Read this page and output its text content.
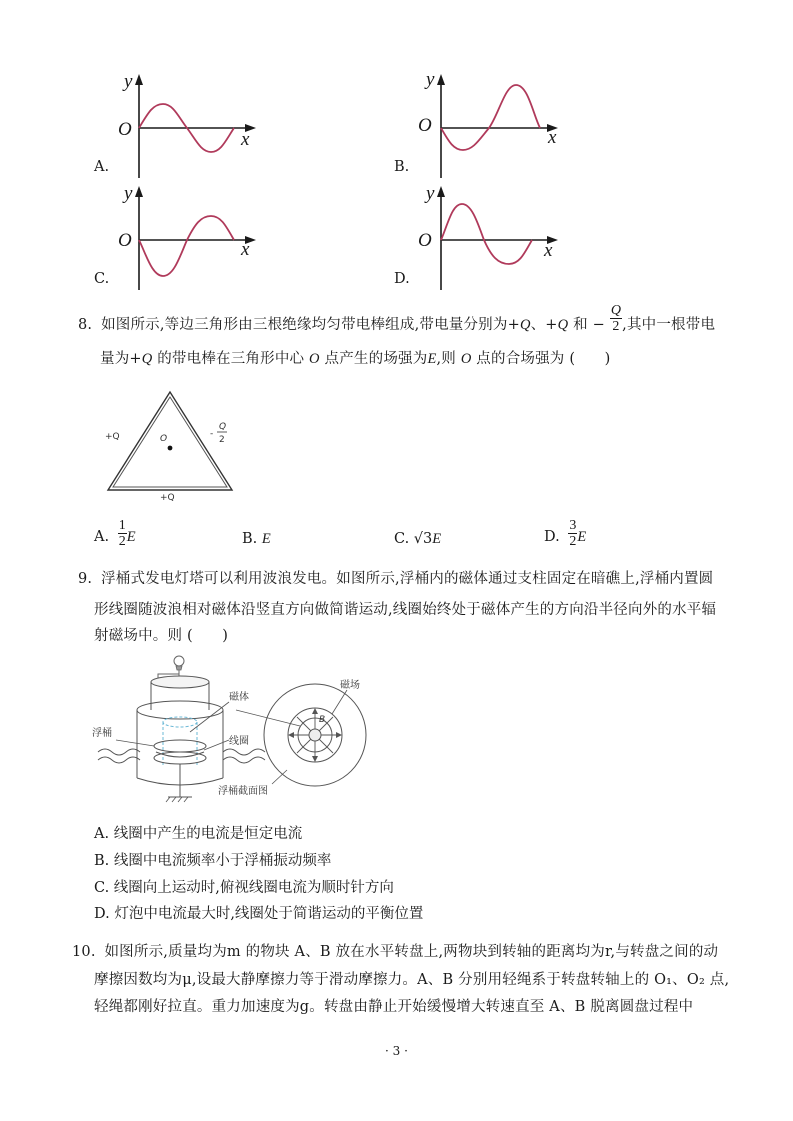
y
x
O
A.
y
x
O
B.
y
x
O
C.
y
x
O
D.
8. 如图所示,等边三角形由三根绝缘均匀带电棒组成,带电量分别为+Q、+Q 和 − $\frac{Q}{2}$ ,其中一根带电
量为+Q 的带电棒在三角形中心 O 点产生的场强为E,则 O 点的合场强为 (　　)
O
+Q
+Q
-
Q
2
A. $\frac{1}{2}$ E	B. E	C. √3E	D. $\frac{3}{2}$ E
9. 浮桶式发电灯塔可以利用波浪发电。如图所示,浮桶内的磁体通过支柱固定在暗礁上,浮桶内置圆
形线圈随波浪相对磁体沿竖直方向做简谐运动,线圈始终处于磁体产生的方向沿半径向外的水平辐
射磁场中。则 (　　)
浮桶
磁体
线圈
B
磁场
浮桶截面图
A. 线圈中产生的电流是恒定电流
B. 线圈中电流频率小于浮桶振动频率
C. 线圈向上运动时,俯视线圈电流为顺时针方向
D. 灯泡中电流最大时,线圈处于简谐运动的平衡位置
10. 如图所示,质量均为m 的物块 A、B 放在水平转盘上,两物块到转轴的距离均为r,与转盘之间的动
摩擦因数均为μ,设最大静摩擦力等于滑动摩擦力。A、B 分别用轻绳系于转盘转轴上的 O₁、O₂ 点,
轻绳都刚好拉直。重力加速度为g。转盘由静止开始缓慢增大转速直至 A、B 脱离圆盘过程中
· 3 ·
